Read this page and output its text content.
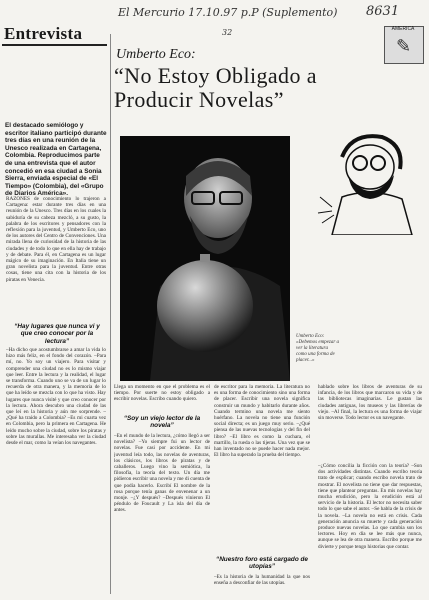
El Mercurio 17.10.97 p.P (Suplemento) 8631
32
Entrevista
Umberto Eco:
“No Estoy Obligado a Producir Novelas”
AMERICA
✎
El destacado semiólogo y escritor italiano participó durante tres días en una reunión de la Unesco realizada en Cartagena, Colombia. Reproducimos parte de una entrevista que el autor concedió en esa ciudad a Sonia Sierra, enviada especial de «El Tiempo» (Colombia), del «Grupo de Diarios América».
RAZONES de conocimiento lo trajeron a Cartagena: estar durante tres días en una reunión de la Unesco. Tres días en los cuales la sabiduría de su cabeza mezcló, a su gusto, la palabra de los escritores y pensadores con la reflexión para la juventud, y Umberto Eco, uno de los autores del Centro de Convenciones. Una mirada llena de curiosidad de la historia de las ciudades y de todo lo que en ella hay de trabajo y de debate. Para él, en Cartagena es un lugar mágico de su imaginación. En Italia tiene un gran novelista para la juventud. Entre otras cosas, tiene una cita con la historia de los piratas en Venecia.
“Hay lugares que nunca vi y que creo conocer por la lectura”
–Ha dicho que acostumbrarse a amar la vida lo hizo más feliz, en el fondo del corazón. –Para mí, no. Yo soy un viajero. Para visitar y comprender una ciudad no es lo mismo viajar que leer. Entre la lectura y la realidad, el lugar se transforma. Cuando uno se va de un lugar lo recuerda de otra manera, y la memoria de lo que ha leído se mezcla con lo que ha visto. Hay lugares que nunca visité y que creo conocer por la lectura. Ahora descubro una ciudad de las que leí en la historia y aún me sorprende. –¿Qué ha traído a Colombia? –Es mi cuarta vez en Colombia, pero la primera en Cartagena. He leído mucho sobre la ciudad, sobre los piratas y sobre las murallas. Me interesaba ver la ciudad desde el mar, como la veían los navegantes.
Umberto Eco: «Debemos empezar a ver la literatura como una forma de placer...»
Llega un momento en que el problema es el tiempo. Por suerte no estoy obligado a escribir novelas. Escribo cuando quiero.
“Soy un viejo lector de la novela”
–En el mundo de la lectura, ¿cómo llegó a ser novelista? –Yo siempre fui un lector de novelas. Fue casi por accidente. En mi juventud leía todo, las novelas de aventuras, los clásicos, los libros de piratas y de caballeros. Luego vino la semiótica, la filosofía, la teoría del texto. Un día me pidieron escribir una novela y me di cuenta de que podía hacerlo. Escribí El nombre de la rosa porque tenía ganas de envenenar a un monje. –¿Y después? –Después vinieron El péndulo de Foucault y La isla del día de antes.
de escritor para la memoria. La literatura no es una forma de conocimiento sino una forma de placer. Escribir una novela significa construir un mundo y habitarlo durante años. Cuando termino una novela me siento huérfano. La novela no tiene una función social directa; es un juego muy serio. –¿Qué piensa de las nuevas tecnologías y del fin del libro? –El libro es como la cuchara, el martillo, la rueda o las tijeras. Una vez que se han inventado no se puede hacer nada mejor. El libro ha superado la prueba del tiempo.
“Nuestro foro está cargado de utopías”
–Es la historia de la humanidad la que nos enseña a desconfiar de las utopías.
hablado sobre los libros de aventuras de su infancia, de los libros que marcaron su vida y de las bibliotecas imaginarias. Le gustan las ciudades antiguas, los museos y las librerías de viejo. –Al final, la lectura es una forma de viajar sin moverse. Todo lector es un navegante.
–¿Cómo concilia la ficción con la teoría? –Son dos actividades distintas. Cuando escribo teoría trato de explicar; cuando escribo novela trato de mostrar. El novelista no tiene que dar respuestas, tiene que plantear preguntas. En mis novelas hay mucha erudición, pero la erudición está al servicio de la historia. El lector no necesita saber todo lo que sabe el autor. –Se habla de la crisis de la novela. –La novela no está en crisis. Cada generación anuncia su muerte y cada generación produce nuevas novelas. Lo que cambia son los lectores. Hoy en día se lee más que nunca, aunque se lea de otra manera. Escribo porque me divierte y porque tengo historias que contar.
